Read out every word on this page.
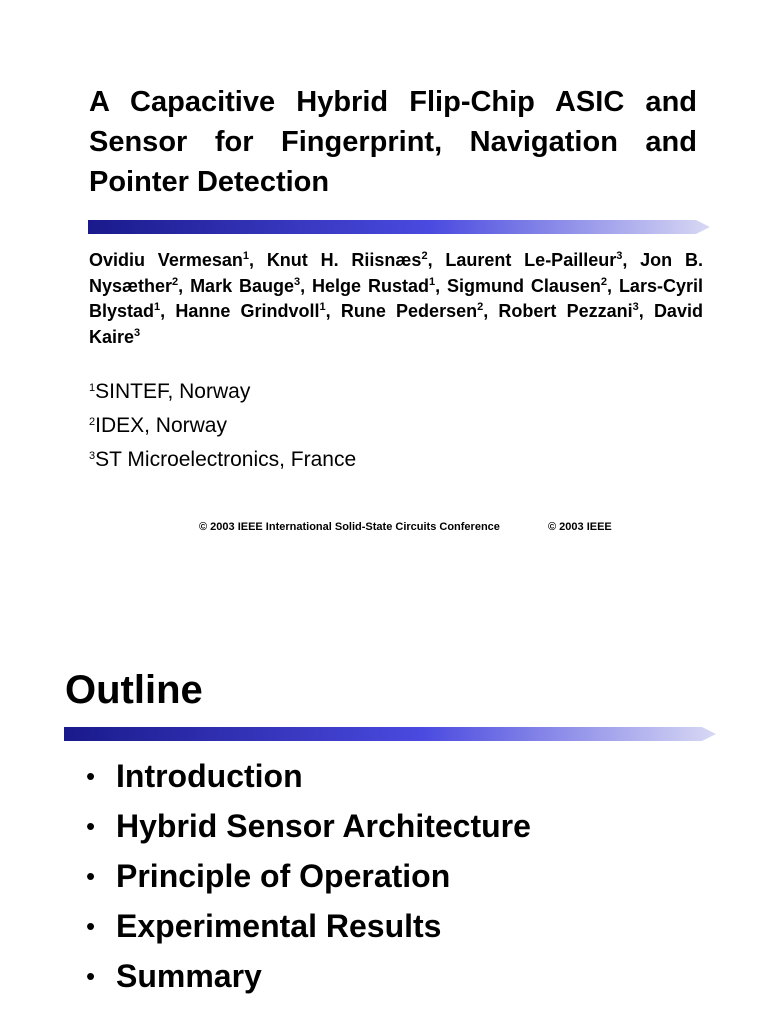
A Capacitive Hybrid Flip-Chip ASIC and Sensor for Fingerprint, Navigation and Pointer Detection
Ovidiu Vermesan$^1$, Knut H. Riisnæs$^2$, Laurent Le-Pailleur$^3$, Jon B. Nysæther$^2$, Mark Bauge$^3$, Helge Rustad$^1$, Sigmund Clausen$^2$, Lars-Cyril Blystad$^1$, Hanne Grindvoll$^1$, Rune Pedersen$^2$, Robert Pezzani$^3$, David Kaire$^3$
$^1$SINTEF, Norway
$^2$IDEX, Norway
$^3$ST Microelectronics, France
© 2003 IEEE International Solid-State Circuits Conference	© 2003 IEEE
Outline
• Introduction
• Hybrid Sensor Architecture
• Principle of Operation
• Experimental Results
• Summary
